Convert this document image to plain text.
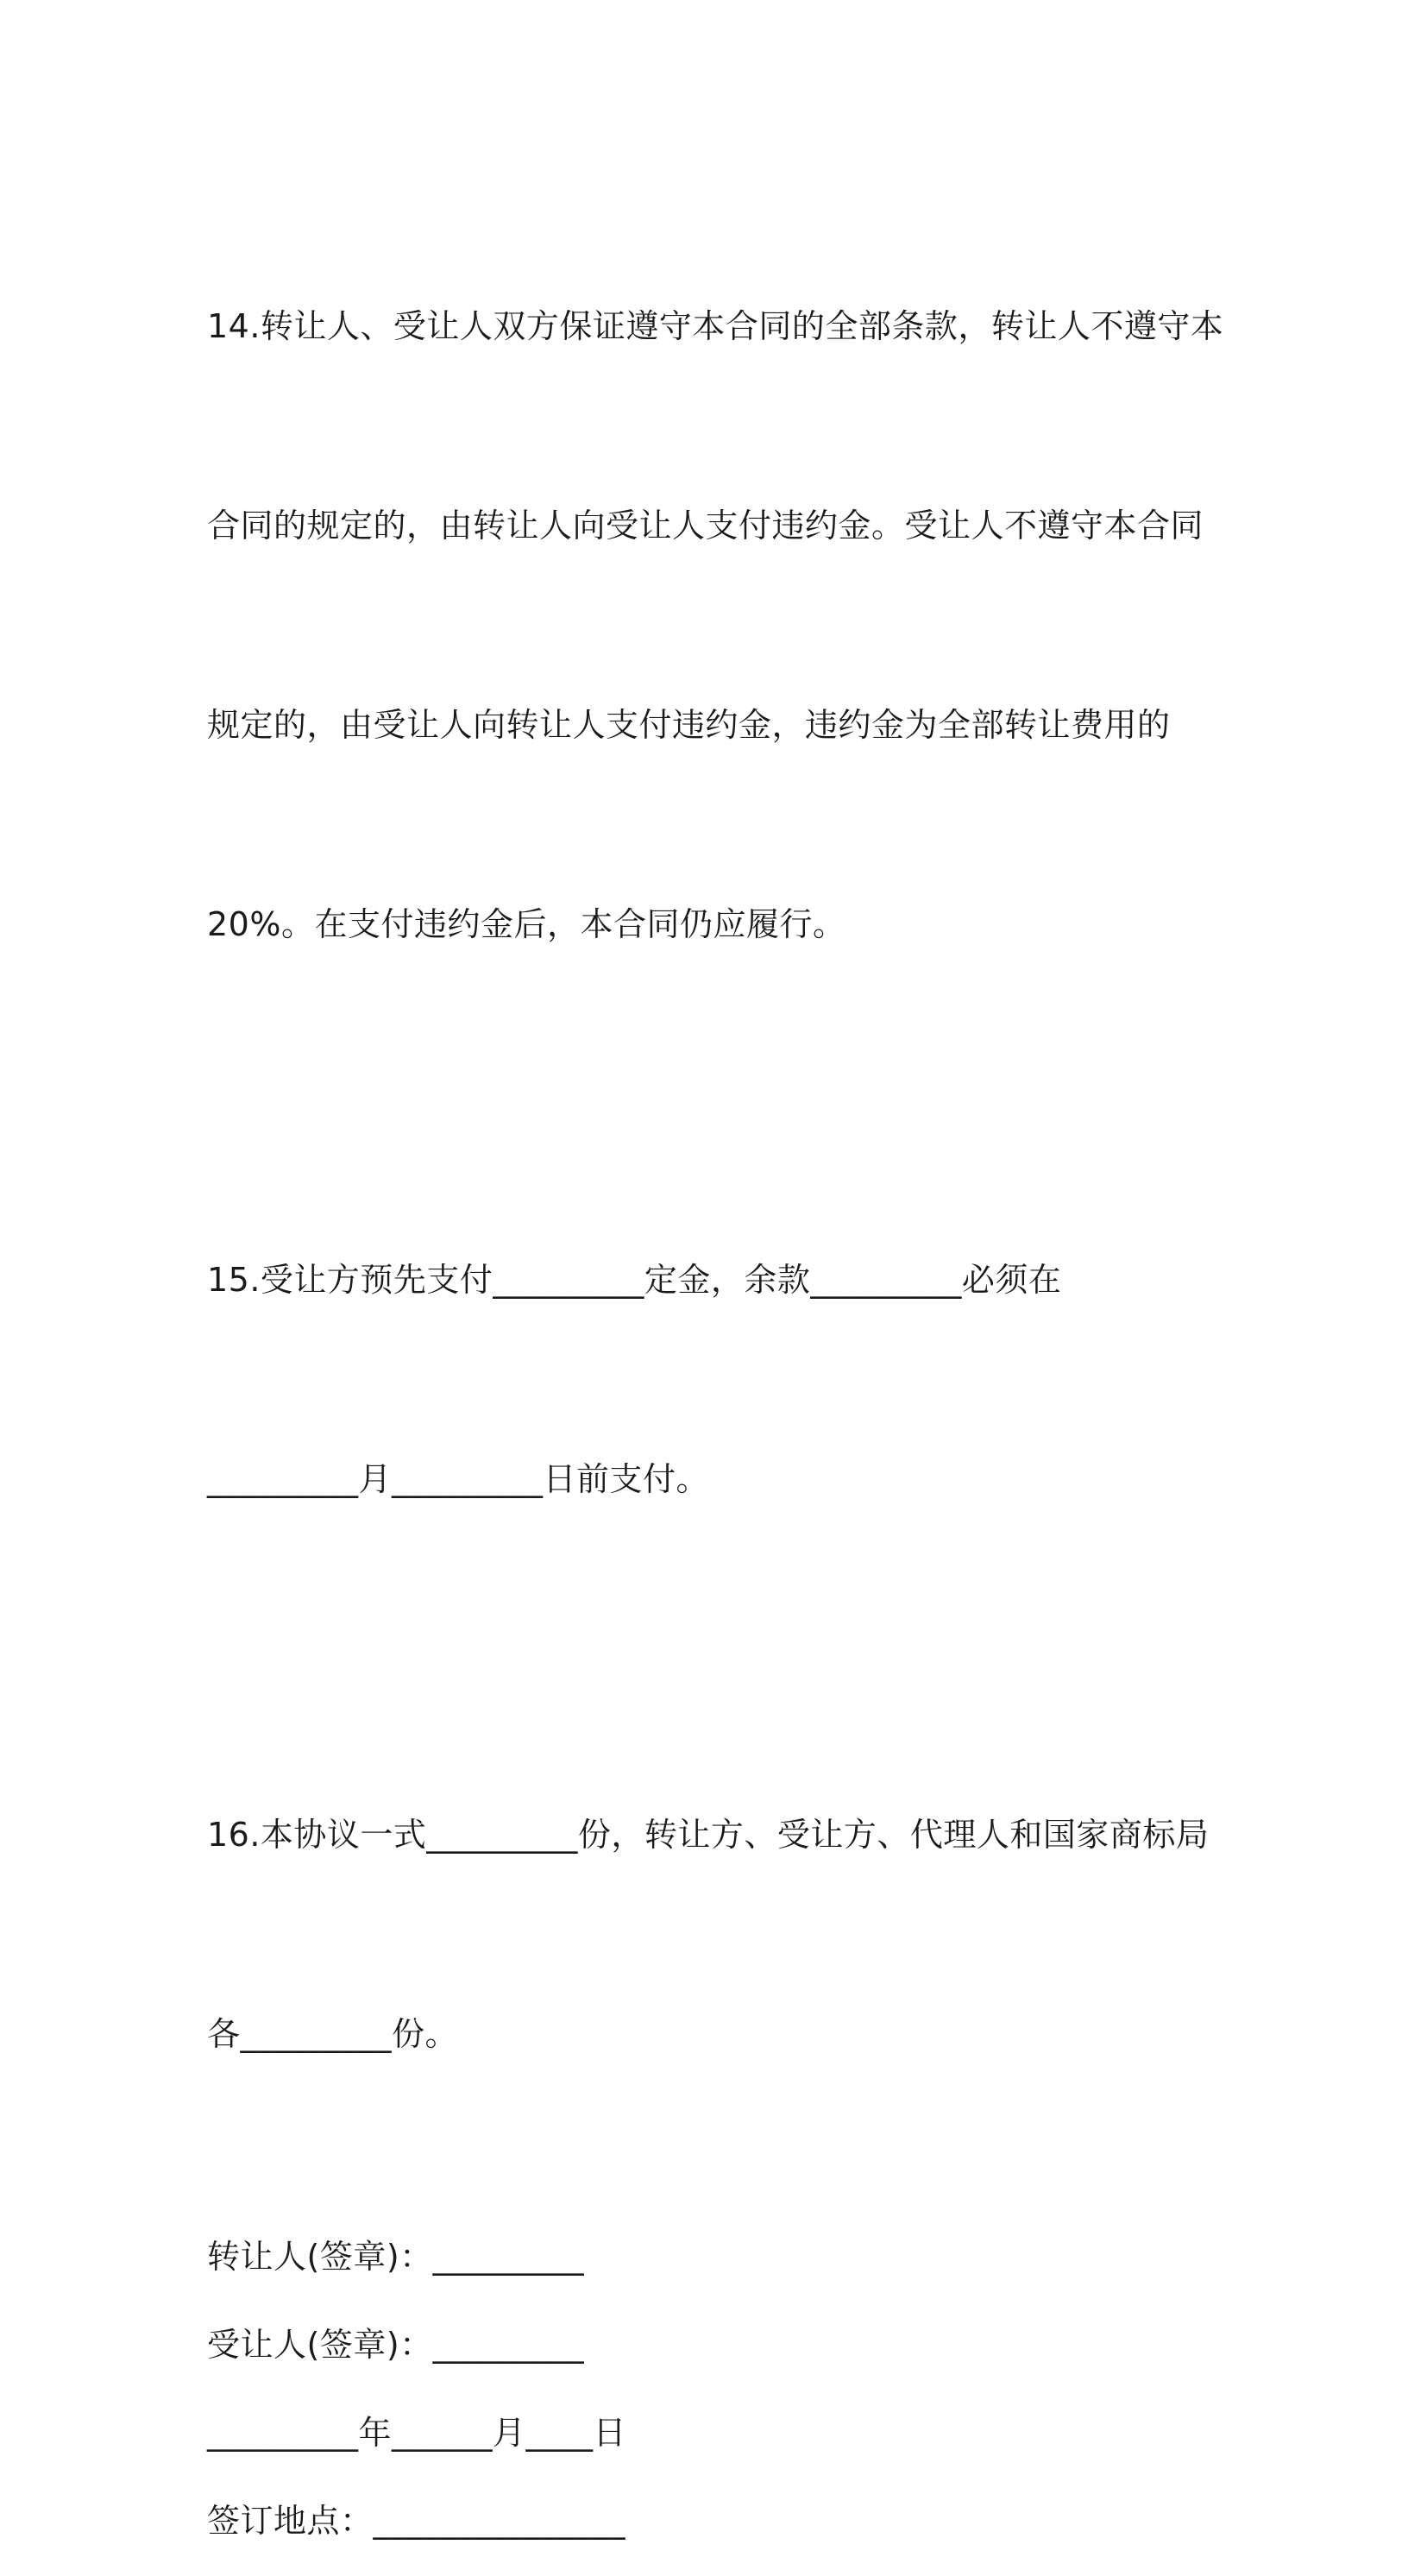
14.转让人、受让人双方保证遵守本合同的全部条款，转让人不遵守本

合同的规定的，由转让人向受让人支付违约金。受让人不遵守本合同

规定的，由受让人向转让人支付违约金，违约金为全部转让费用的

20%。在支付违约金后，本合同仍应履行。

15.受让方预先支付_________定金，余款_________必须在

_________月_________日前支付。

16.本协议一式_________份，转让方、受让方、代理人和国家商标局

各_________份。

转让人(签章)：_________
受让人(签章)：_________
_________年______月____日
签订地点：_______________
